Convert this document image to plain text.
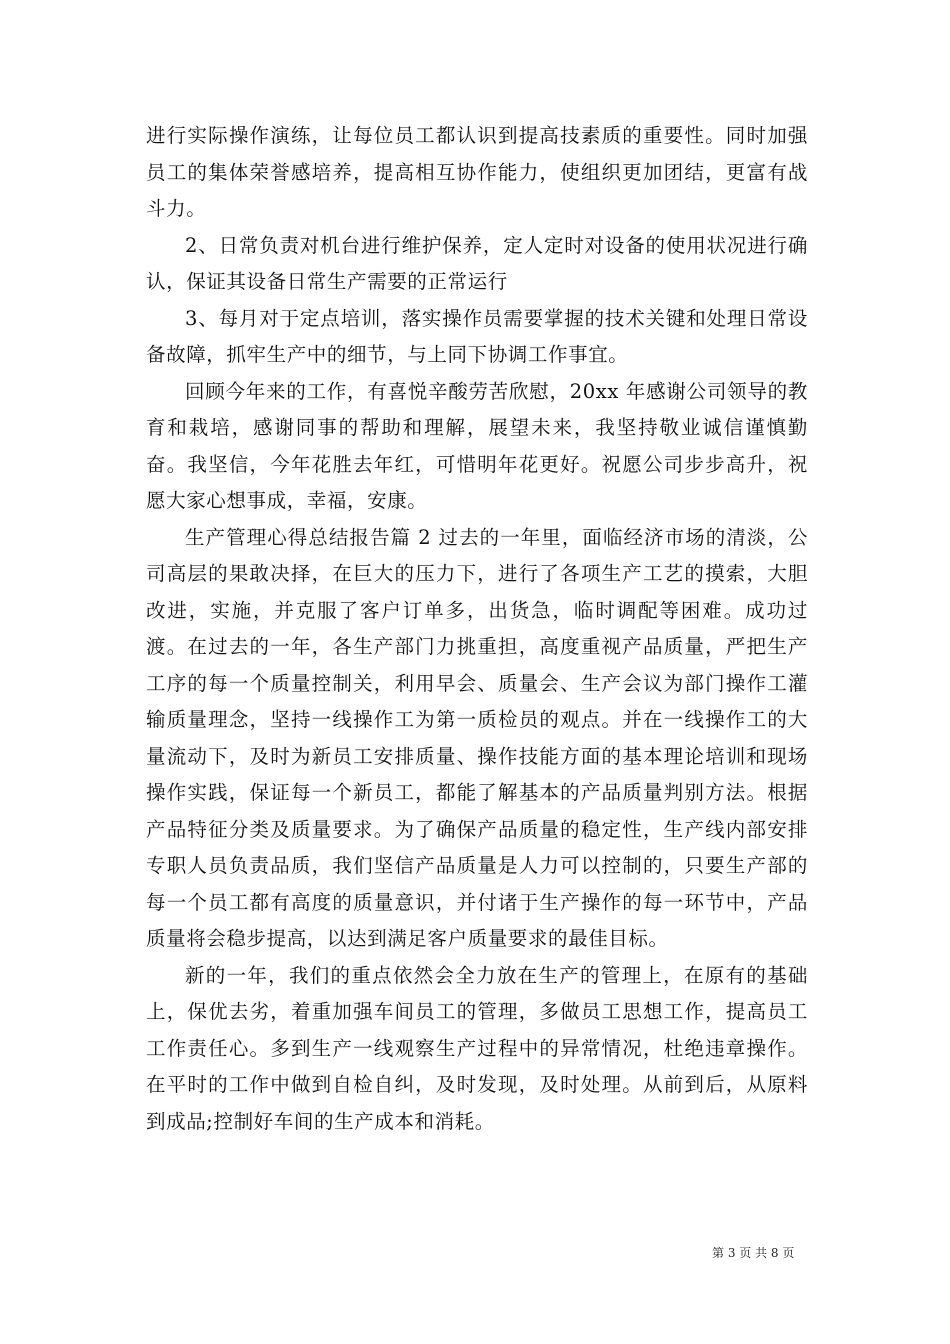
进行实际操作演练，让每位员工都认识到提高技素质的重要性。同时加强员工的集体荣誉感培养，提高相互协作能力，使组织更加团结，更富有战斗力。

2、日常负责对机台进行维护保养，定人定时对设备的使用状况进行确认，保证其设备日常生产需要的正常运行

3、每月对于定点培训，落实操作员需要掌握的技术关键和处理日常设备故障，抓牢生产中的细节，与上同下协调工作事宜。

回顾今年来的工作，有喜悦辛酸劳苦欣慰，20xx 年感谢公司领导的教育和栽培，感谢同事的帮助和理解，展望未来，我坚持敬业诚信谨慎勤奋。我坚信，今年花胜去年红，可惜明年花更好。祝愿公司步步高升，祝愿大家心想事成，幸福，安康。

生产管理心得总结报告篇 2 过去的一年里，面临经济市场的清淡，公司高层的果敢决择，在巨大的压力下，进行了各项生产工艺的摸索，大胆改进，实施，并克服了客户订单多，出货急，临时调配等困难。成功过渡。在过去的一年，各生产部门力挑重担，高度重视产品质量，严把生产工序的每一个质量控制关，利用早会、质量会、生产会议为部门操作工灌输质量理念，坚持一线操作工为第一质检员的观点。并在一线操作工的大量流动下，及时为新员工安排质量、操作技能方面的基本理论培训和现场操作实践，保证每一个新员工，都能了解基本的产品质量判别方法。根据产品特征分类及质量要求。为了确保产品质量的稳定性，生产线内部安排专职人员负责品质，我们坚信产品质量是人力可以控制的，只要生产部的每一个员工都有高度的质量意识，并付诸于生产操作的每一环节中，产品质量将会稳步提高，以达到满足客户质量要求的最佳目标。

新的一年，我们的重点依然会全力放在生产的管理上，在原有的基础上，保优去劣，着重加强车间员工的管理，多做员工思想工作，提高员工工作责任心。多到生产一线观察生产过程中的异常情况，杜绝违章操作。在平时的工作中做到自检自纠，及时发现，及时处理。从前到后，从原料到成品;控制好车间的生产成本和消耗。

第 3 页 共 8 页
